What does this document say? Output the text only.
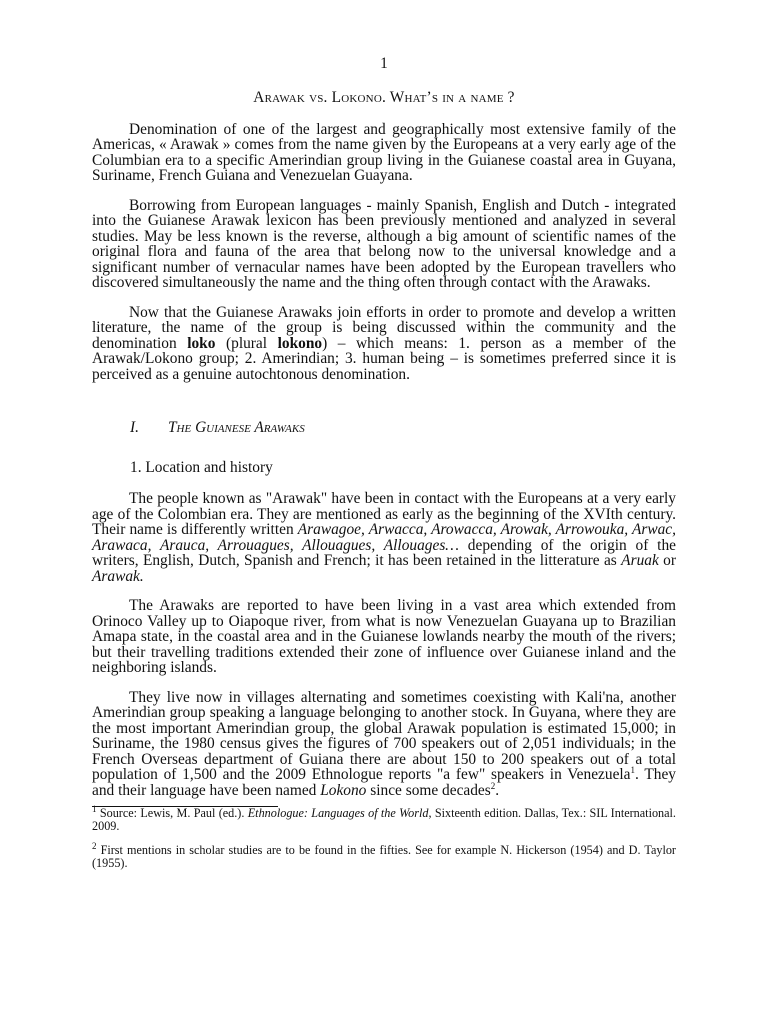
1
Arawak vs. Lokono. What’s in a name ?

Denomination of one of the largest and geographically most extensive family of the Americas, « Arawak » comes from the name given by the Europeans at a very early age of the Columbian era to a specific Amerindian group living in the Guianese coastal area in Guyana, Suriname, French Guiana and Venezuelan Guayana.

Borrowing from European languages - mainly Spanish, English and Dutch - integrated into the Guianese Arawak lexicon has been previously mentioned and analyzed in several studies. May be less known is the reverse, although a big amount of scientific names of the original flora and fauna of the area that belong now to the universal knowledge and a significant number of vernacular names have been adopted by the European travellers who discovered simultaneously the name and the thing often through contact with the Arawaks.

Now that the Guianese Arawaks join efforts in order to promote and develop a written literature, the name of the group is being discussed within the community and the denomination loko (plural lokono) – which means: 1. person as a member of the Arawak/Lokono group; 2. Amerindian; 3. human being – is sometimes preferred since it is perceived as a genuine autochtonous denomination.

I.	The Guianese Arawaks
1. Location and history

The people known as "Arawak" have been in contact with the Europeans at a very early age of the Colombian era. They are mentioned as early as the beginning of the XVIth century. Their name is differently written Arawagoe, Arwacca, Arowacca, Arowak, Arrowouka, Arwac, Arawaca, Arauca, Arrouagues, Allouagues, Allouages… depending of the origin of the writers, English, Dutch, Spanish and French; it has been retained in the litterature as Aruak or Arawak.

The Arawaks are reported to have been living in a vast area which extended from Orinoco Valley up to Oiapoque river, from what is now Venezuelan Guayana up to Brazilian Amapa state, in the coastal area and in the Guianese lowlands nearby the mouth of the rivers; but their travelling traditions extended their zone of influence over Guianese inland and the neighboring islands.

They live now in villages alternating and sometimes coexisting with Kali'na, another Amerindian group speaking a language belonging to another stock. In Guyana, where they are the most important Amerindian group, the global Arawak population is estimated 15,000; in Suriname, the 1980 census gives the figures of 700 speakers out of 2,051 individuals; in the French Overseas department of Guiana there are about 150 to 200 speakers out of a total population of 1,500 and the 2009 Ethnologue reports "a few" speakers in Venezuela$^1$. They and their language have been named Lokono since some decades$^2$.

$^1$ Source: Lewis, M. Paul (ed.). Ethnologue: Languages of the World, Sixteenth edition. Dallas, Tex.: SIL International. 2009.

$^2$ First mentions in scholar studies are to be found in the fifties. See for example N. Hickerson (1954) and D. Taylor (1955).
